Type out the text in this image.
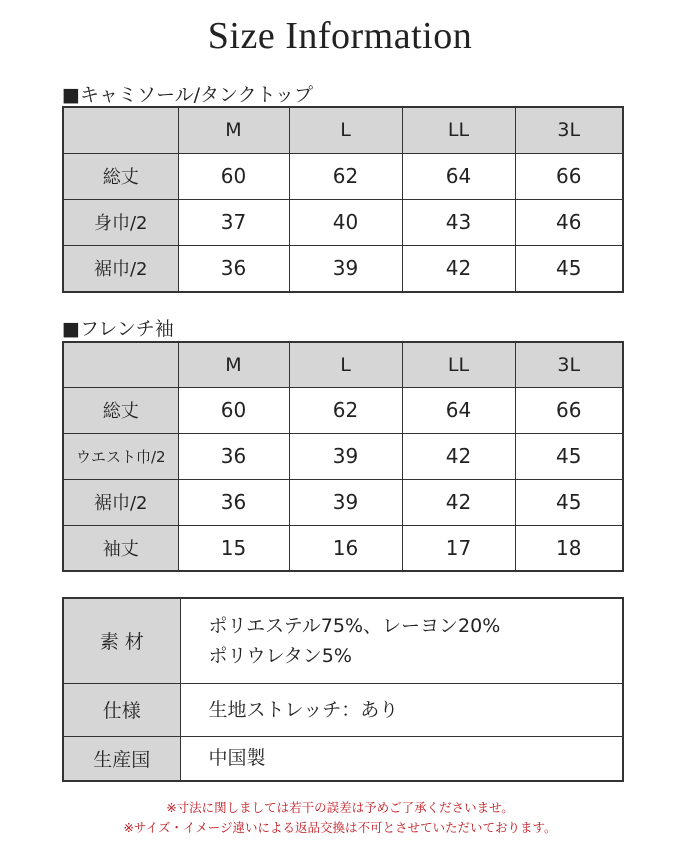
Size Information
■キャミソール/タンクトップ
	M	L	LL	3L
総丈	60	62	64	66
身巾/2	37	40	43	46
裾巾/2	36	39	42	45
■フレンチ袖
	M	L	LL	3L
総丈	60	62	64	66
ウエスト巾/2	36	39	42	45
裾巾/2	36	39	42	45
袖丈	15	16	17	18
素 材	ポリエステル75%、レーヨン20%
ポリウレタン5%

仕様	生地ストレッチ：あり
生産国	中国製
※寸法に関しましては若干の誤差は予めご了承くださいませ。
※サイズ・イメージ違いによる返品交換は不可とさせていただいております。
